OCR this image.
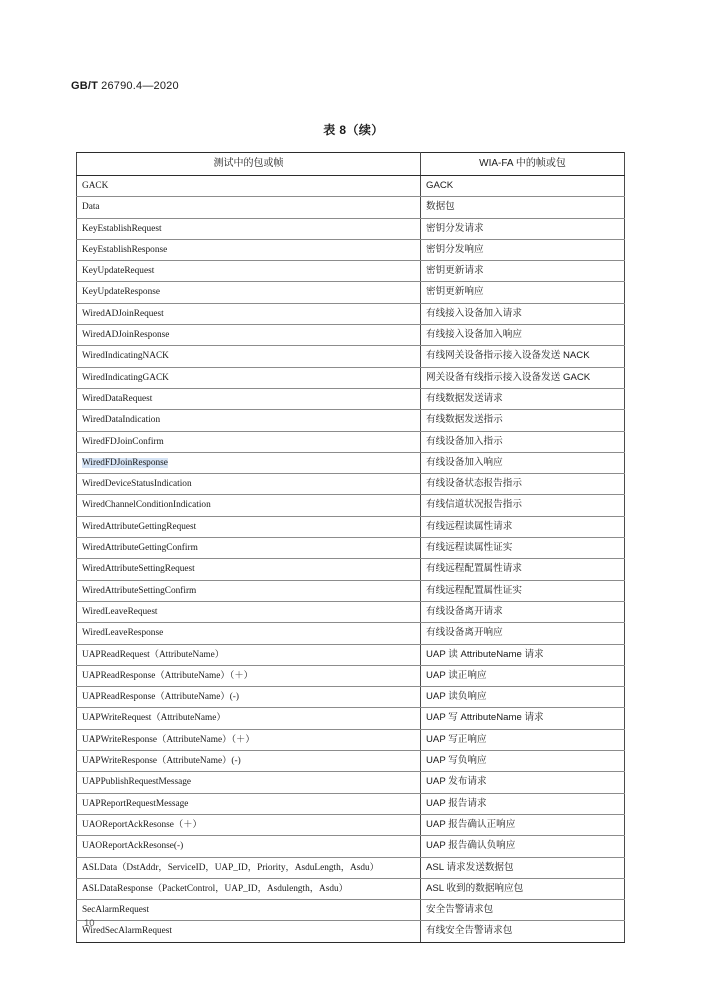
GB/T 26790.4—2020
表 8（续）
测试中的包或帧	WIA-FA 中的帧或包
GACK	GACK
Data	数据包
KeyEstablishRequest	密钥分发请求
KeyEstablishResponse	密钥分发响应
KeyUpdateRequest	密钥更新请求
KeyUpdateResponse	密钥更新响应
WiredADJoinRequest	有线接入设备加入请求
WiredADJoinResponse	有线接入设备加入响应
WiredIndicatingNACK	有线网关设备指示接入设备发送 NACK
WiredIndicatingGACK	网关设备有线指示接入设备发送 GACK
WiredDataRequest	有线数据发送请求
WiredDataIndication	有线数据发送指示
WiredFDJoinConfirm	有线设备加入指示
WiredFDJoinResponse	有线设备加入响应
WiredDeviceStatusIndication	有线设备状态报告指示
WiredChannelConditionIndication	有线信道状况报告指示
WiredAttributeGettingRequest	有线远程读属性请求
WiredAttributeGettingConfirm	有线远程读属性证实
WiredAttributeSettingRequest	有线远程配置属性请求
WiredAttributeSettingConfirm	有线远程配置属性证实
WiredLeaveRequest	有线设备离开请求
WiredLeaveResponse	有线设备离开响应
UAPReadRequest（AttributeName）	UAP 读 AttributeName 请求
UAPReadResponse（AttributeName）（＋）	UAP 读正响应
UAPReadResponse（AttributeName）(-)	UAP 读负响应
UAPWriteRequest（AttributeName）	UAP 写 AttributeName 请求
UAPWriteResponse（AttributeName）（＋）	UAP 写正响应
UAPWriteResponse（AttributeName）(-)	UAP 写负响应
UAPPublishRequestMessage	UAP 发布请求
UAPReportRequestMessage	UAP 报告请求
UAOReportAckResonse（＋）	UAP 报告确认正响应
UAOReportAckResonse(-)	UAP 报告确认负响应
ASLData（DstAddr，ServiceID，UAP_ID，Priority，AsduLength，Asdu）	ASL 请求发送数据包
ASLDataResponse（PacketControl，UAP_ID，Asdulength，Asdu）	ASL 收到的数据响应包
SecAlarmRequest	安全告警请求包
WiredSecAlarmRequest	有线安全告警请求包
10
